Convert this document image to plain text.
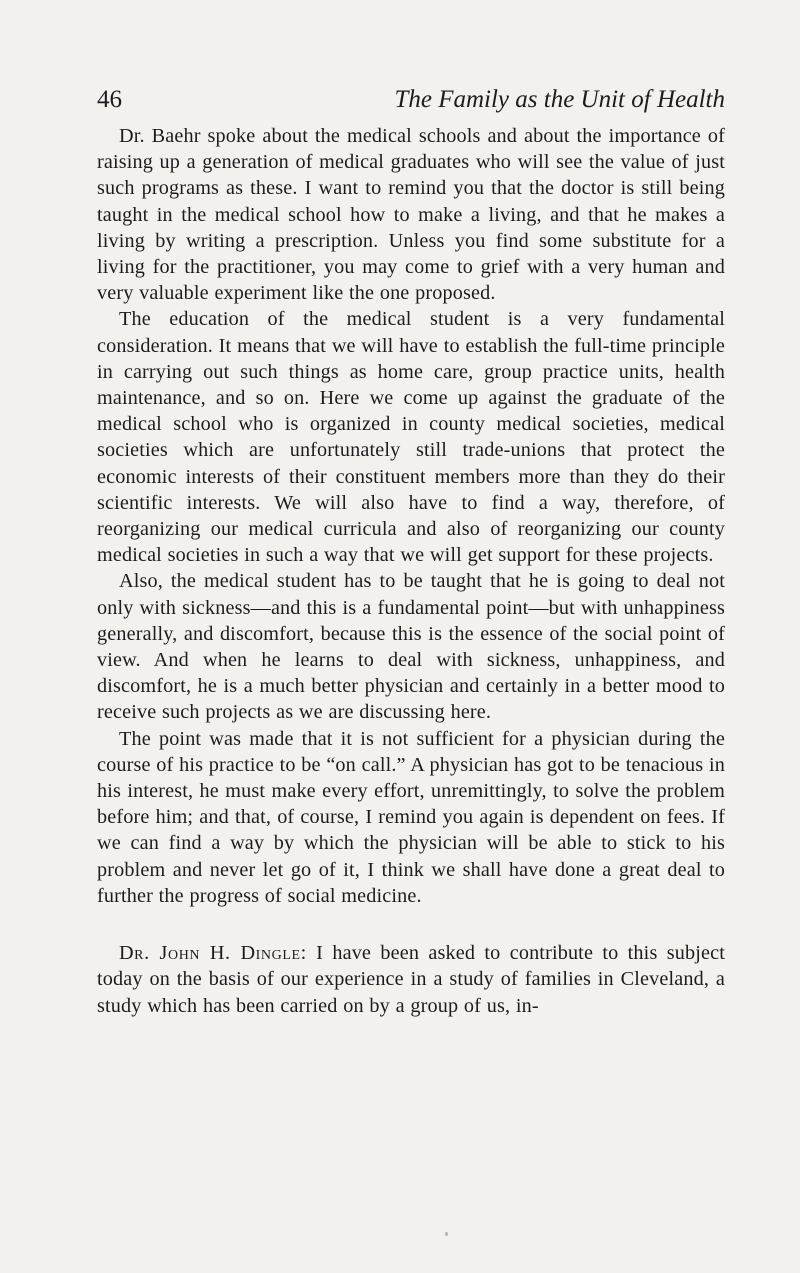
46	The Family as the Unit of Health

Dr. Baehr spoke about the medical schools and about the importance of raising up a generation of medical graduates who will see the value of just such programs as these. I want to remind you that the doctor is still being taught in the medical school how to make a living, and that he makes a living by writing a prescription. Unless you find some substitute for a living for the practitioner, you may come to grief with a very human and very valuable experiment like the one proposed.

The education of the medical student is a very fundamental consideration. It means that we will have to establish the full-time principle in carrying out such things as home care, group practice units, health maintenance, and so on. Here we come up against the graduate of the medical school who is organized in county medical societies, medical societies which are unfortunately still trade-unions that protect the economic interests of their constituent members more than they do their scientific interests. We will also have to find a way, therefore, of reorganizing our medical curricula and also of reorganizing our county medical societies in such a way that we will get support for these projects.

Also, the medical student has to be taught that he is going to deal not only with sickness—and this is a fundamental point—but with unhappiness generally, and discomfort, because this is the essence of the social point of view. And when he learns to deal with sickness, unhappiness, and discomfort, he is a much better physician and certainly in a better mood to receive such projects as we are discussing here.

The point was made that it is not sufficient for a physician during the course of his practice to be “on call.” A physician has got to be tenacious in his interest, he must make every effort, unremittingly, to solve the problem before him; and that, of course, I remind you again is dependent on fees. If we can find a way by which the physician will be able to stick to his problem and never let go of it, I think we shall have done a great deal to further the progress of social medicine.

Dr. John H. Dingle: I have been asked to contribute to this subject today on the basis of our experience in a study of families in Cleveland, a study which has been carried on by a group of us, in-
